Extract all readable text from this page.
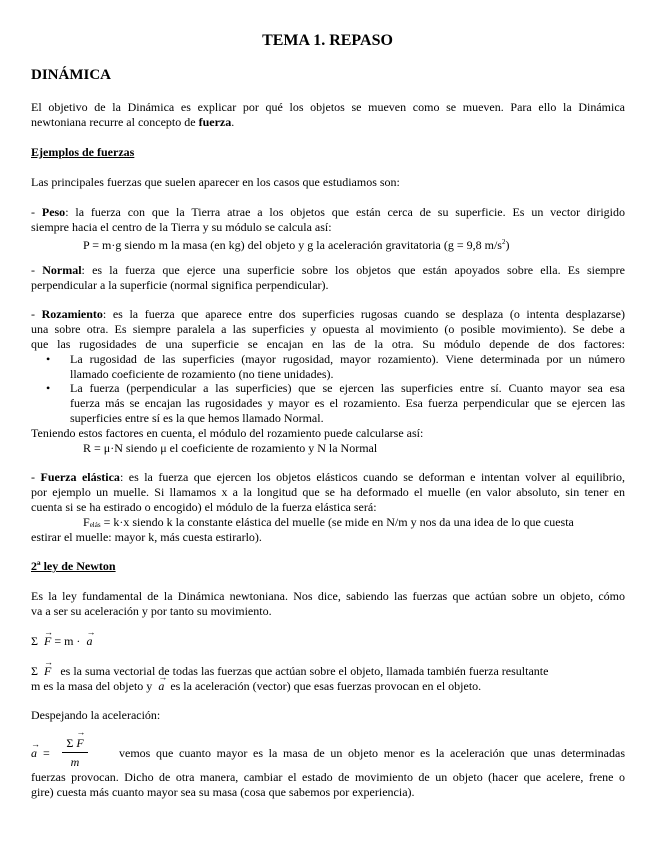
TEMA 1. REPASO
DINÁMICA
El objetivo de la Dinámica es explicar por qué los objetos se mueven como se mueven. Para ello la Dinámica
newtoniana recurre al concepto de fuerza.
Ejemplos de fuerzas
Las principales fuerzas que suelen aparecer en los casos que estudiamos son:
- Peso: la fuerza con que la Tierra atrae a los objetos que están cerca de su superficie. Es un vector dirigido
siempre hacia el centro de la Tierra y su módulo se calcula así:
P = m·g siendo m la masa (en kg) del objeto y g la aceleración gravitatoria (g = 9,8 $m/s^2$)
- Normal: es la fuerza que ejerce una superficie sobre los objetos que están apoyados sobre ella. Es siempre
perpendicular a la superficie (normal significa perpendicular).
- Rozamiento: es la fuerza que aparece entre dos superficies rugosas cuando se desplaza (o intenta desplazarse)
una sobre otra. Es siempre paralela a las superficies y opuesta al movimiento (o posible movimiento). Se debe a
que las rugosidades de una superficie se encajan en las de la otra. Su módulo depende de dos factores:
• La rugosidad de las superficies (mayor rugosidad, mayor rozamiento). Viene determinada por un número
llamado coeficiente de rozamiento (no tiene unidades).
• La fuerza (perpendicular a las superficies) que se ejercen las superficies entre sí. Cuanto mayor sea esa
fuerza más se encajan las rugosidades y mayor es el rozamiento. Esa fuerza perpendicular que se ejercen las
superficies entre sí es la que hemos llamado Normal.
Teniendo estos factores en cuenta, el módulo del rozamiento puede calcularse así:
R = μ·N siendo μ el coeficiente de rozamiento y N la Normal
- Fuerza elástica: es la fuerza que ejercen los objetos elásticos cuando se deforman e intentan volver al equilibrio,
por ejemplo un muelle. Si llamamos x a la longitud que se ha deformado el muelle (en valor absoluto, sin tener en
cuenta si se ha estirado o encogido) el módulo de la fuerza elástica será:
Felás = k·x siendo k la constante elástica del muelle (se mide en N/m y nos da una idea de lo que cuesta
estirar el muelle: mayor k, más cuesta estirarlo).
2ª ley de Newton
Es la ley fundamental de la Dinámica newtoniana. Nos dice, sabiendo las fuerzas que actúan sobre un objeto, cómo
va a ser su aceleración y por tanto su movimiento.
Σ → F = m · → a
Σ → F es la suma vectorial de todas las fuerzas que actúan sobre el objeto, llamada también fuerza resultante
m es la masa del objeto y → a es la aceleración (vector) que esas fuerzas provocan en el objeto.
Despejando la aceleración:
→ a =
Σ → F
m
vemos que cuanto mayor es la masa de un objeto menor es la aceleración que unas determinadas
fuerzas provocan. Dicho de otra manera, cambiar el estado de movimiento de un objeto (hacer que acelere, frene o
gire) cuesta más cuanto mayor sea su masa (cosa que sabemos por experiencia).
